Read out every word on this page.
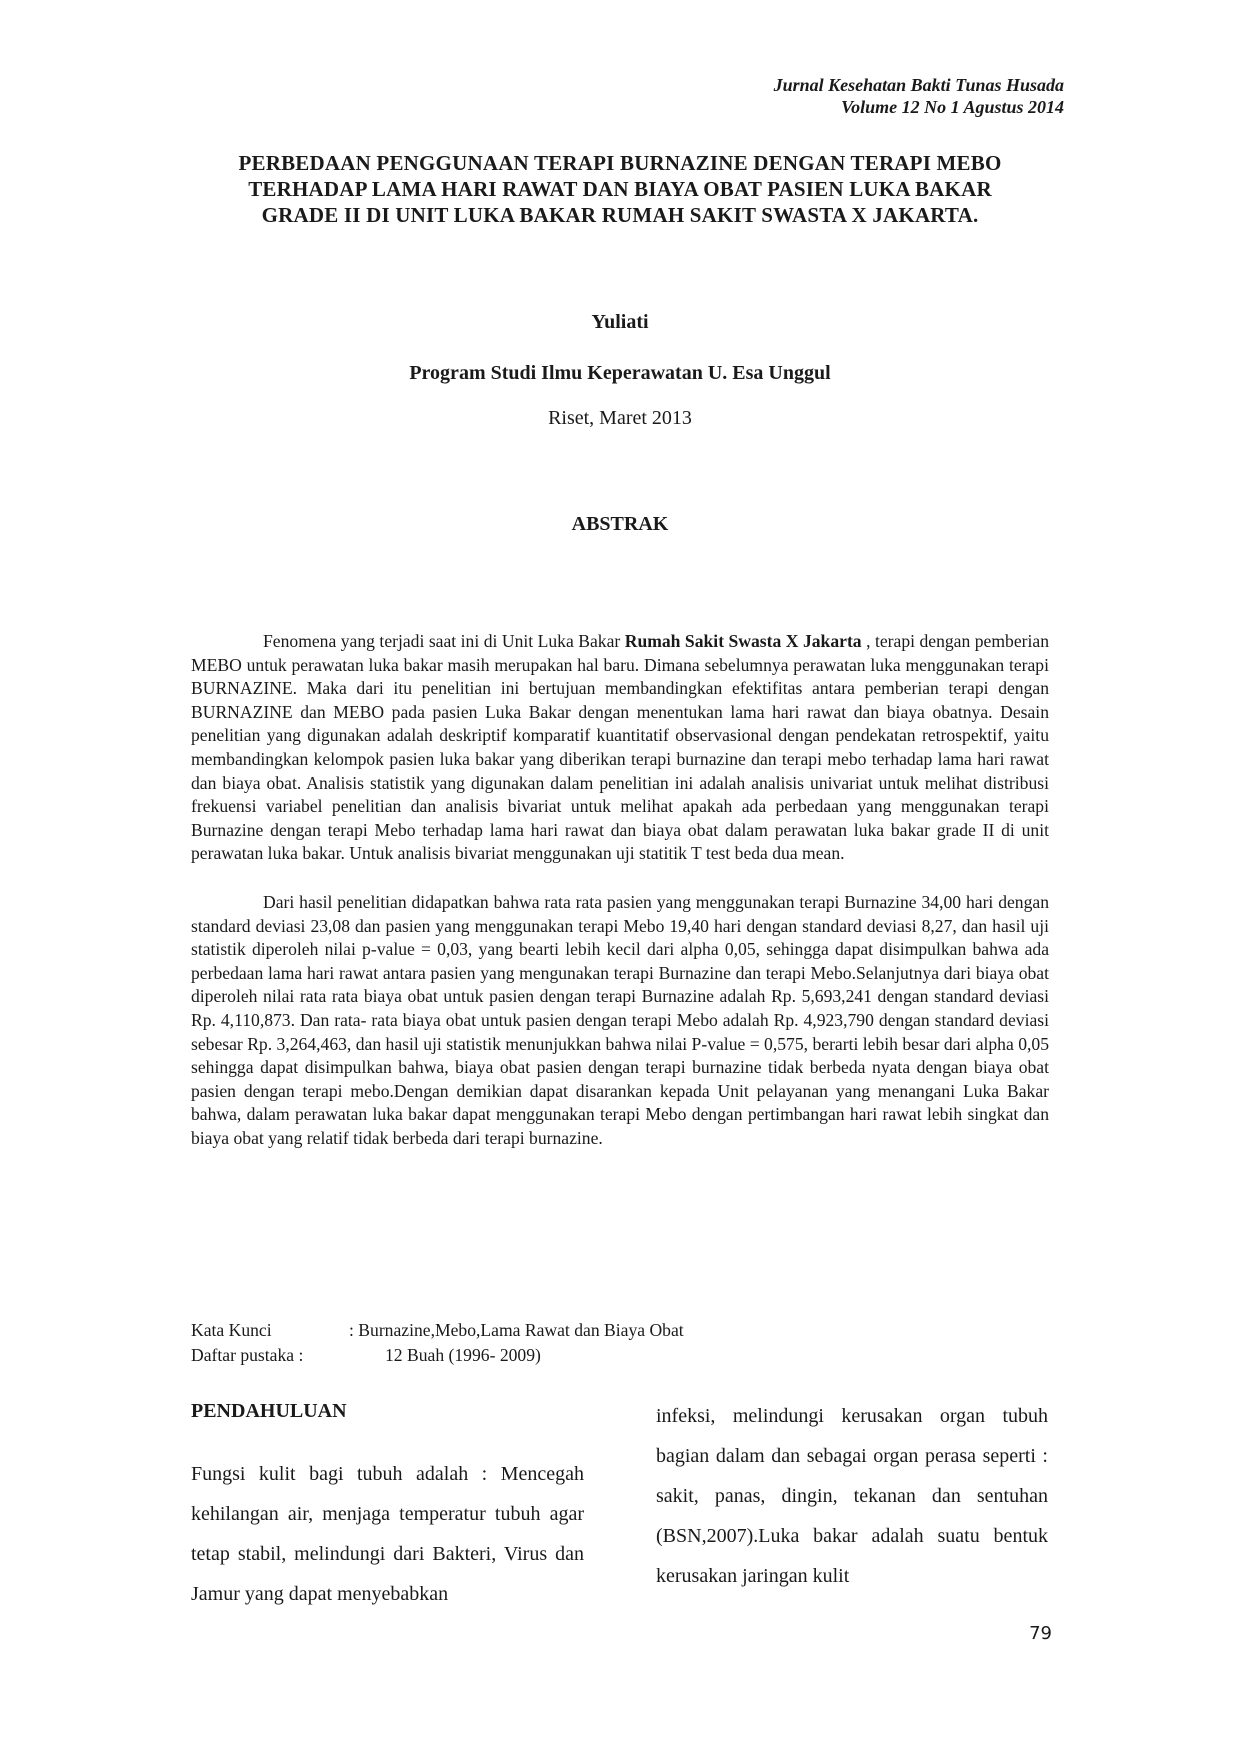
Jurnal Kesehatan Bakti Tunas Husada
Volume 12 No 1 Agustus 2014
PERBEDAAN PENGGUNAAN TERAPI BURNAZINE DENGAN TERAPI MEBO
TERHADAP LAMA HARI RAWAT DAN BIAYA OBAT PASIEN LUKA BAKAR
GRADE II DI UNIT LUKA BAKAR RUMAH SAKIT SWASTA X JAKARTA.
Yuliati
Program Studi Ilmu Keperawatan U. Esa Unggul
Riset, Maret 2013
ABSTRAK

Fenomena yang terjadi saat ini di Unit Luka Bakar Rumah Sakit Swasta X Jakarta , terapi dengan pemberian MEBO untuk perawatan luka bakar masih merupakan hal baru. Dimana sebelumnya perawatan luka menggunakan terapi BURNAZINE. Maka dari itu penelitian ini bertujuan membandingkan efektifitas antara pemberian terapi dengan BURNAZINE dan MEBO pada pasien Luka Bakar dengan menentukan lama hari rawat dan biaya obatnya. Desain penelitian yang digunakan adalah deskriptif komparatif kuantitatif observasional dengan pendekatan retrospektif, yaitu membandingkan kelompok pasien luka bakar yang diberikan terapi burnazine dan terapi mebo terhadap lama hari rawat dan biaya obat. Analisis statistik yang digunakan dalam penelitian ini adalah analisis univariat untuk melihat distribusi frekuensi variabel penelitian dan analisis bivariat untuk melihat apakah ada perbedaan yang menggunakan terapi Burnazine dengan terapi Mebo terhadap lama hari rawat dan biaya obat dalam perawatan luka bakar grade II di unit perawatan luka bakar. Untuk analisis bivariat menggunakan uji statitik T test beda dua mean.

Dari hasil penelitian didapatkan bahwa rata rata pasien yang menggunakan terapi Burnazine 34,00 hari dengan standard deviasi 23,08 dan pasien yang menggunakan terapi Mebo 19,40 hari dengan standard deviasi 8,27, dan hasil uji statistik diperoleh nilai p-value = 0,03, yang bearti lebih kecil dari alpha 0,05, sehingga dapat disimpulkan bahwa ada perbedaan lama hari rawat antara pasien yang mengunakan terapi Burnazine dan terapi Mebo.Selanjutnya dari biaya obat diperoleh nilai rata rata biaya obat untuk pasien dengan terapi Burnazine adalah Rp. 5,693,241 dengan standard deviasi Rp. 4,110,873. Dan rata- rata biaya obat untuk pasien dengan terapi Mebo adalah Rp. 4,923,790 dengan standard deviasi sebesar Rp. 3,264,463, dan hasil uji statistik menunjukkan bahwa nilai P-value = 0,575, berarti lebih besar dari alpha 0,05 sehingga dapat disimpulkan bahwa, biaya obat pasien dengan terapi burnazine tidak berbeda nyata dengan biaya obat pasien dengan terapi mebo.Dengan demikian dapat disarankan kepada Unit pelayanan yang menangani Luka Bakar bahwa, dalam perawatan luka bakar dapat menggunakan terapi Mebo dengan pertimbangan hari rawat lebih singkat dan biaya obat yang relatif tidak berbeda dari terapi burnazine.

Kata Kunci	: Burnazine,Mebo,Lama Rawat dan Biaya Obat
Daftar pustaka :	12 Buah (1996- 2009)
PENDAHULUAN

Fungsi kulit bagi tubuh adalah : Mencegah kehilangan air, menjaga temperatur tubuh agar tetap stabil, melindungi dari Bakteri, Virus dan Jamur yang dapat menyebabkan

infeksi, melindungi kerusakan organ tubuh bagian dalam dan sebagai organ perasa seperti : sakit, panas, dingin, tekanan dan sentuhan (BSN,2007).Luka bakar adalah suatu bentuk kerusakan jaringan kulit

79
